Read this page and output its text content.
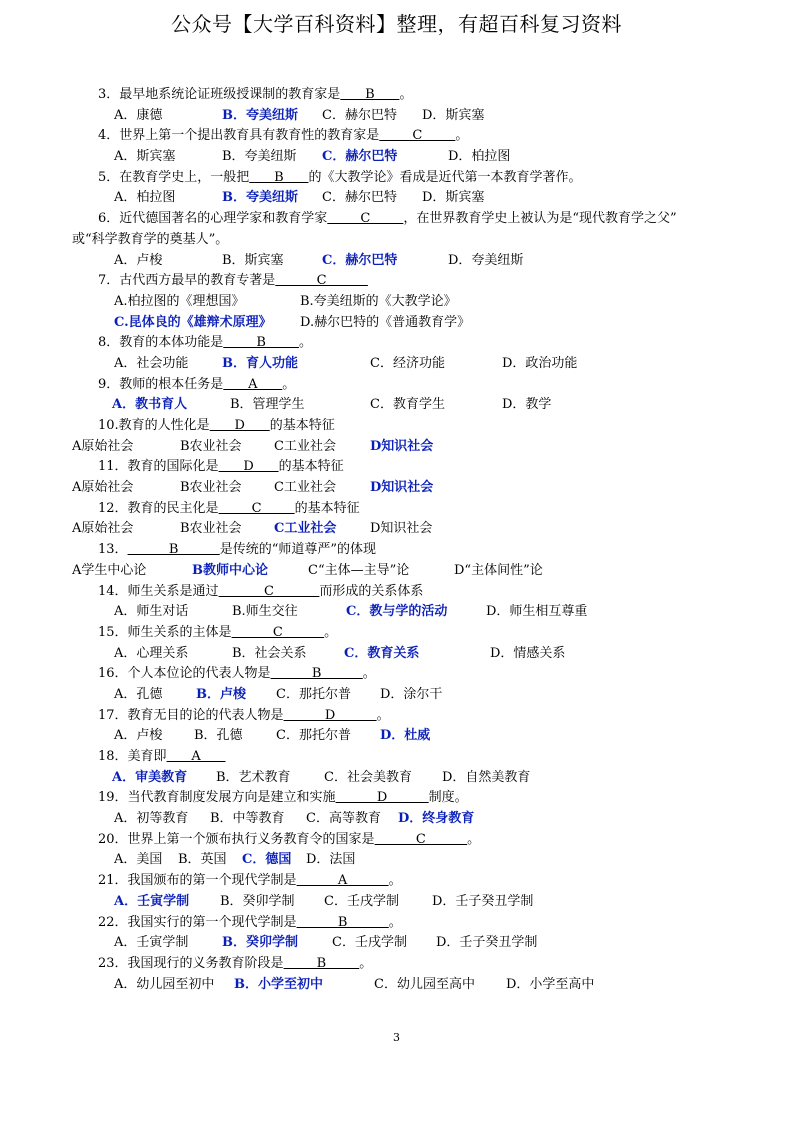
公众号【大学百科资料】整理，有超百科复习资料
3．最早地系统论证班级授课制的教育家是      B      。
A．康德	B．夸美纽斯 C．赫尔巴特 D．斯宾塞
4．世界上第一个提出教育具有教育性的教育家是        C        。
A．斯宾塞	B．夸美纽斯 C．赫尔巴特	D．柏拉图
5．在教育学史上，一般把      B      的《大教学论》看成是近代第一本教育学著作。
A．柏拉图	B．夸美纽斯 C．赫尔巴特 D．斯宾塞
6．近代德国著名的心理学家和教育学家        C        ，在世界教育学史上被认为是“现代教育学之父”
或“科学教育学的奠基人”。
A．卢梭	B．斯宾塞	C．赫尔巴特	D．夸美纽斯
7．古代西方最早的教育专著是          C
A.柏拉图的《理想国》	B.夸美纽斯的《大教学论》
C.昆体良的《雄辩术原理》 D.赫尔巴特的《普通教育学》
8．教育的本体功能是        B        。
A．社会功能	B．育人功能	C．经济功能	D．政治功能
9．教师的根本任务是      A      。
A．教书育人	B．管理学生	C．教育学生	D．教学
10.教育的人性化是      D      的基本特征
A原始社会	B农业社会 C工业社会	D知识社会
11．教育的国际化是      D      的基本特征
A原始社会	B农业社会 C工业社会	D知识社会
12．教育的民主化是        C        的基本特征
A原始社会	B农业社会 C工业社会	D知识社会
13．          B          是传统的“师道尊严”的体现
A学生中心论	B教师中心论	C“主体—主导”论	D“主体间性”论
14．师生关系是通过           C           而形成的关系体系
A．师生对话	B.师生交往	C．教与学的活动	D．师生相互尊重
15．师生关系的主体是          C          。
A．心理关系	B．社会关系	C．教育关系	D．情感关系
16．个人本位论的代表人物是          B          。
A．孔德	B．卢梭 C．那托尔普 D．涂尔干
17．教育无目的论的代表人物是          D          。
A．卢梭 B．孔德	C．那托尔普 D．杜威
18．美育即      A
A．审美教育 B．艺术教育	C．社会美教育 D．自然美教育
19．当代教育制度发展方向是建立和实施          D          制度。
A．初等教育 B．中等教育 C．高等教育 D．终身教育
20．世界上第一个颁布执行义务教育令的国家是          C          。
A．美国 B．英国 C．德国 D．法国
21．我国颁布的第一个现代学制是          A          。
A．壬寅学制 B．癸卯学制 C．壬戌学制	D．壬子癸丑学制
22．我国实行的第一个现代学制是          B          。
A．壬寅学制	B．癸卯学制	C．壬戌学制 D．壬子癸丑学制
23．我国现行的义务教育阶段是        B        。
A．幼儿园至初中 B．小学至初中	C．幼儿园至高中 D．小学至高中
3
